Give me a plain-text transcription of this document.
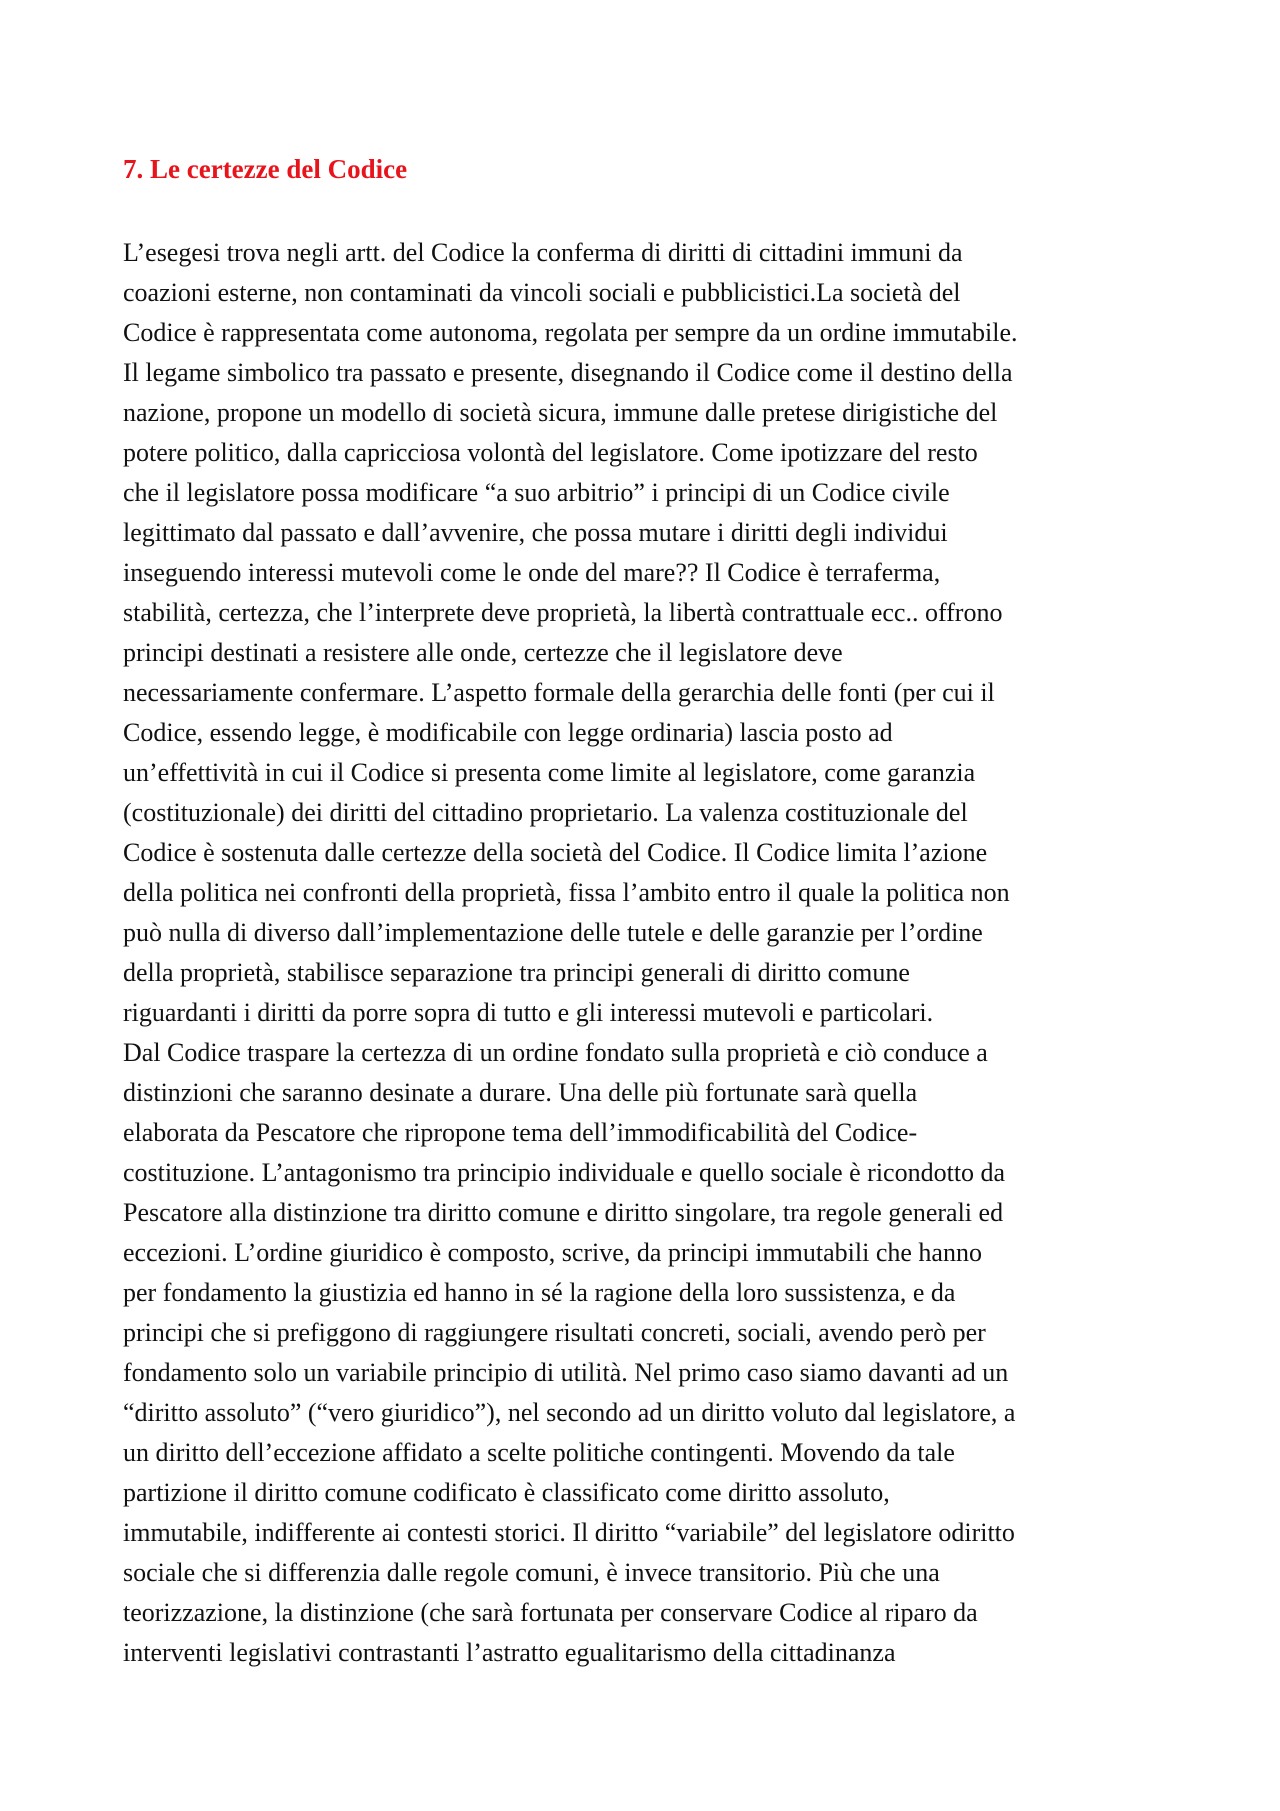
7. Le certezze del Codice
L’esegesi trova negli artt. del Codice la conferma di diritti di cittadini immuni da
coazioni esterne, non contaminati da vincoli sociali e pubblicistici.La società del
Codice è rappresentata come autonoma, regolata per sempre da un ordine immutabile.
Il legame simbolico tra passato e presente, disegnando il Codice come il destino della
nazione, propone un modello di società sicura, immune dalle pretese dirigistiche del
potere politico, dalla capricciosa volontà del legislatore. Come ipotizzare del resto
che il legislatore possa modificare “a suo arbitrio” i principi di un Codice civile
legittimato dal passato e dall’avvenire, che possa mutare i diritti degli individui
inseguendo interessi mutevoli come le onde del mare?? Il Codice è terraferma,
stabilità, certezza, che l’interprete deve proprietà, la libertà contrattuale ecc.. offrono
principi destinati a resistere alle onde, certezze che il legislatore deve
necessariamente confermare. L’aspetto formale della gerarchia delle fonti (per cui il
Codice, essendo legge, è modificabile con legge ordinaria) lascia posto ad
un’effettività in cui il Codice si presenta come limite al legislatore, come garanzia
(costituzionale) dei diritti del cittadino proprietario. La valenza costituzionale del
Codice è sostenuta dalle certezze della società del Codice. Il Codice limita l’azione
della politica nei confronti della proprietà, fissa l’ambito entro il quale la politica non
può nulla di diverso dall’implementazione delle tutele e delle garanzie per l’ordine
della proprietà, stabilisce separazione tra principi generali di diritto comune
riguardanti i diritti da porre sopra di tutto e gli interessi mutevoli e particolari.
Dal Codice traspare la certezza di un ordine fondato sulla proprietà e ciò conduce a
distinzioni che saranno desinate a durare. Una delle più fortunate sarà quella
elaborata da Pescatore che ripropone tema dell’immodificabilità del Codice-
costituzione. L’antagonismo tra principio individuale e quello sociale è ricondotto da
Pescatore alla distinzione tra diritto comune e diritto singolare, tra regole generali ed
eccezioni. L’ordine giuridico è composto, scrive, da principi immutabili che hanno
per fondamento la giustizia ed hanno in sé la ragione della loro sussistenza, e da
principi che si prefiggono di raggiungere risultati concreti, sociali, avendo però per
fondamento solo un variabile principio di utilità. Nel primo caso siamo davanti ad un
“diritto assoluto” (“vero giuridico”), nel secondo ad un diritto voluto dal legislatore, a
un diritto dell’eccezione affidato a scelte politiche contingenti. Movendo da tale
partizione il diritto comune codificato è classificato come diritto assoluto,
immutabile, indifferente ai contesti storici. Il diritto “variabile” del legislatore odiritto
sociale che si differenzia dalle regole comuni, è invece transitorio. Più che una
teorizzazione, la distinzione (che sarà fortunata per conservare Codice al riparo da
interventi legislativi contrastanti l’astratto egualitarismo della cittadinanza
